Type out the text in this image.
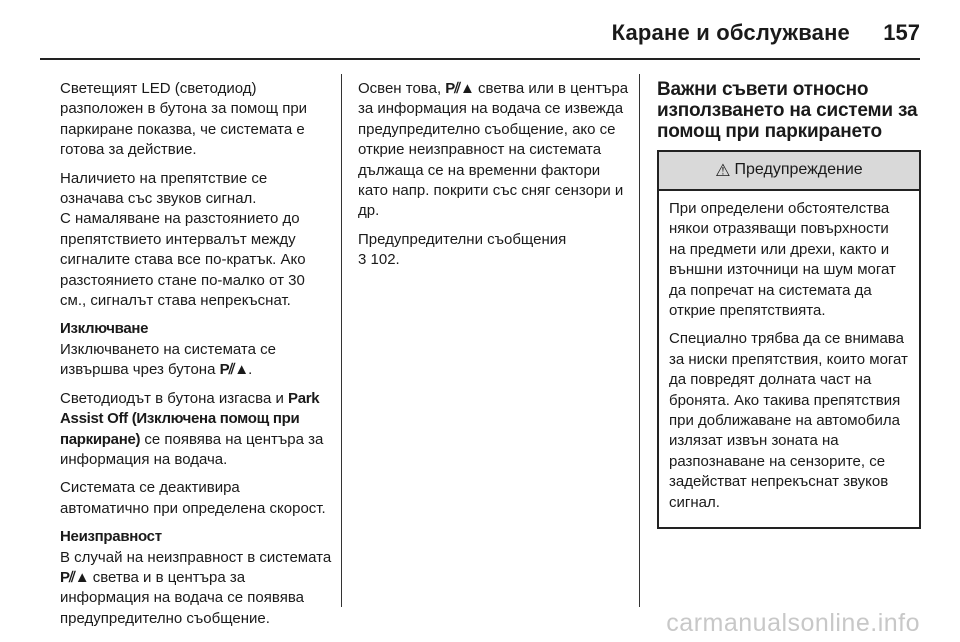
Каране и обслужване 157

Светещият LED (светодиод) разположен в бутона за помощ при паркиране показва, че системата е готова за действие.

Наличието на препятствие се означава със звуков сигнал.
С намаляване на разстоянието до препятствието интервалът между сигналите става все по-кратък. Ако разстоянието стане по-малко от 30 см., сигналът става непрекъснат.

Изключване
Изключването на системата се извършва чрез бутона P⫽▲.

Светодиодът в бутона изгасва и Park Assist Off (Изключена помощ при паркиране) се появява на центъра за информация на водача.

Системата се деактивира автоматично при определена скорост.

Неизправност
В случай на неизправност в системата P⫽▲ светва и в центъра за информация на водача се появява предупредително съобщение.

Освен това, P⫽▲ светва или в центъра за информация на водача се извежда предупредително съобщение, ако се открие неизправност на системата дължаща се на временни фактори като напр. покрити със сняг сензори и др.

Предупредителни съобщения
3 102.

Важни съвети относно използването на системи за помощ при паркирането
⚠ Предупреждение

При определени обстоятелства някои отразяващи повърхности на предмети или дрехи, както и външни източници на шум могат да попречат на системата да открие препятствията.

Специално трябва да се внимава за ниски препятствия, които могат да повредят долната част на бронята. Ако такива препятствия при доближаване на автомобила излязат извън зоната на разпознаване на сензорите, се задействат непрекъснат звуков сигнал.

carmanualsonline.info
